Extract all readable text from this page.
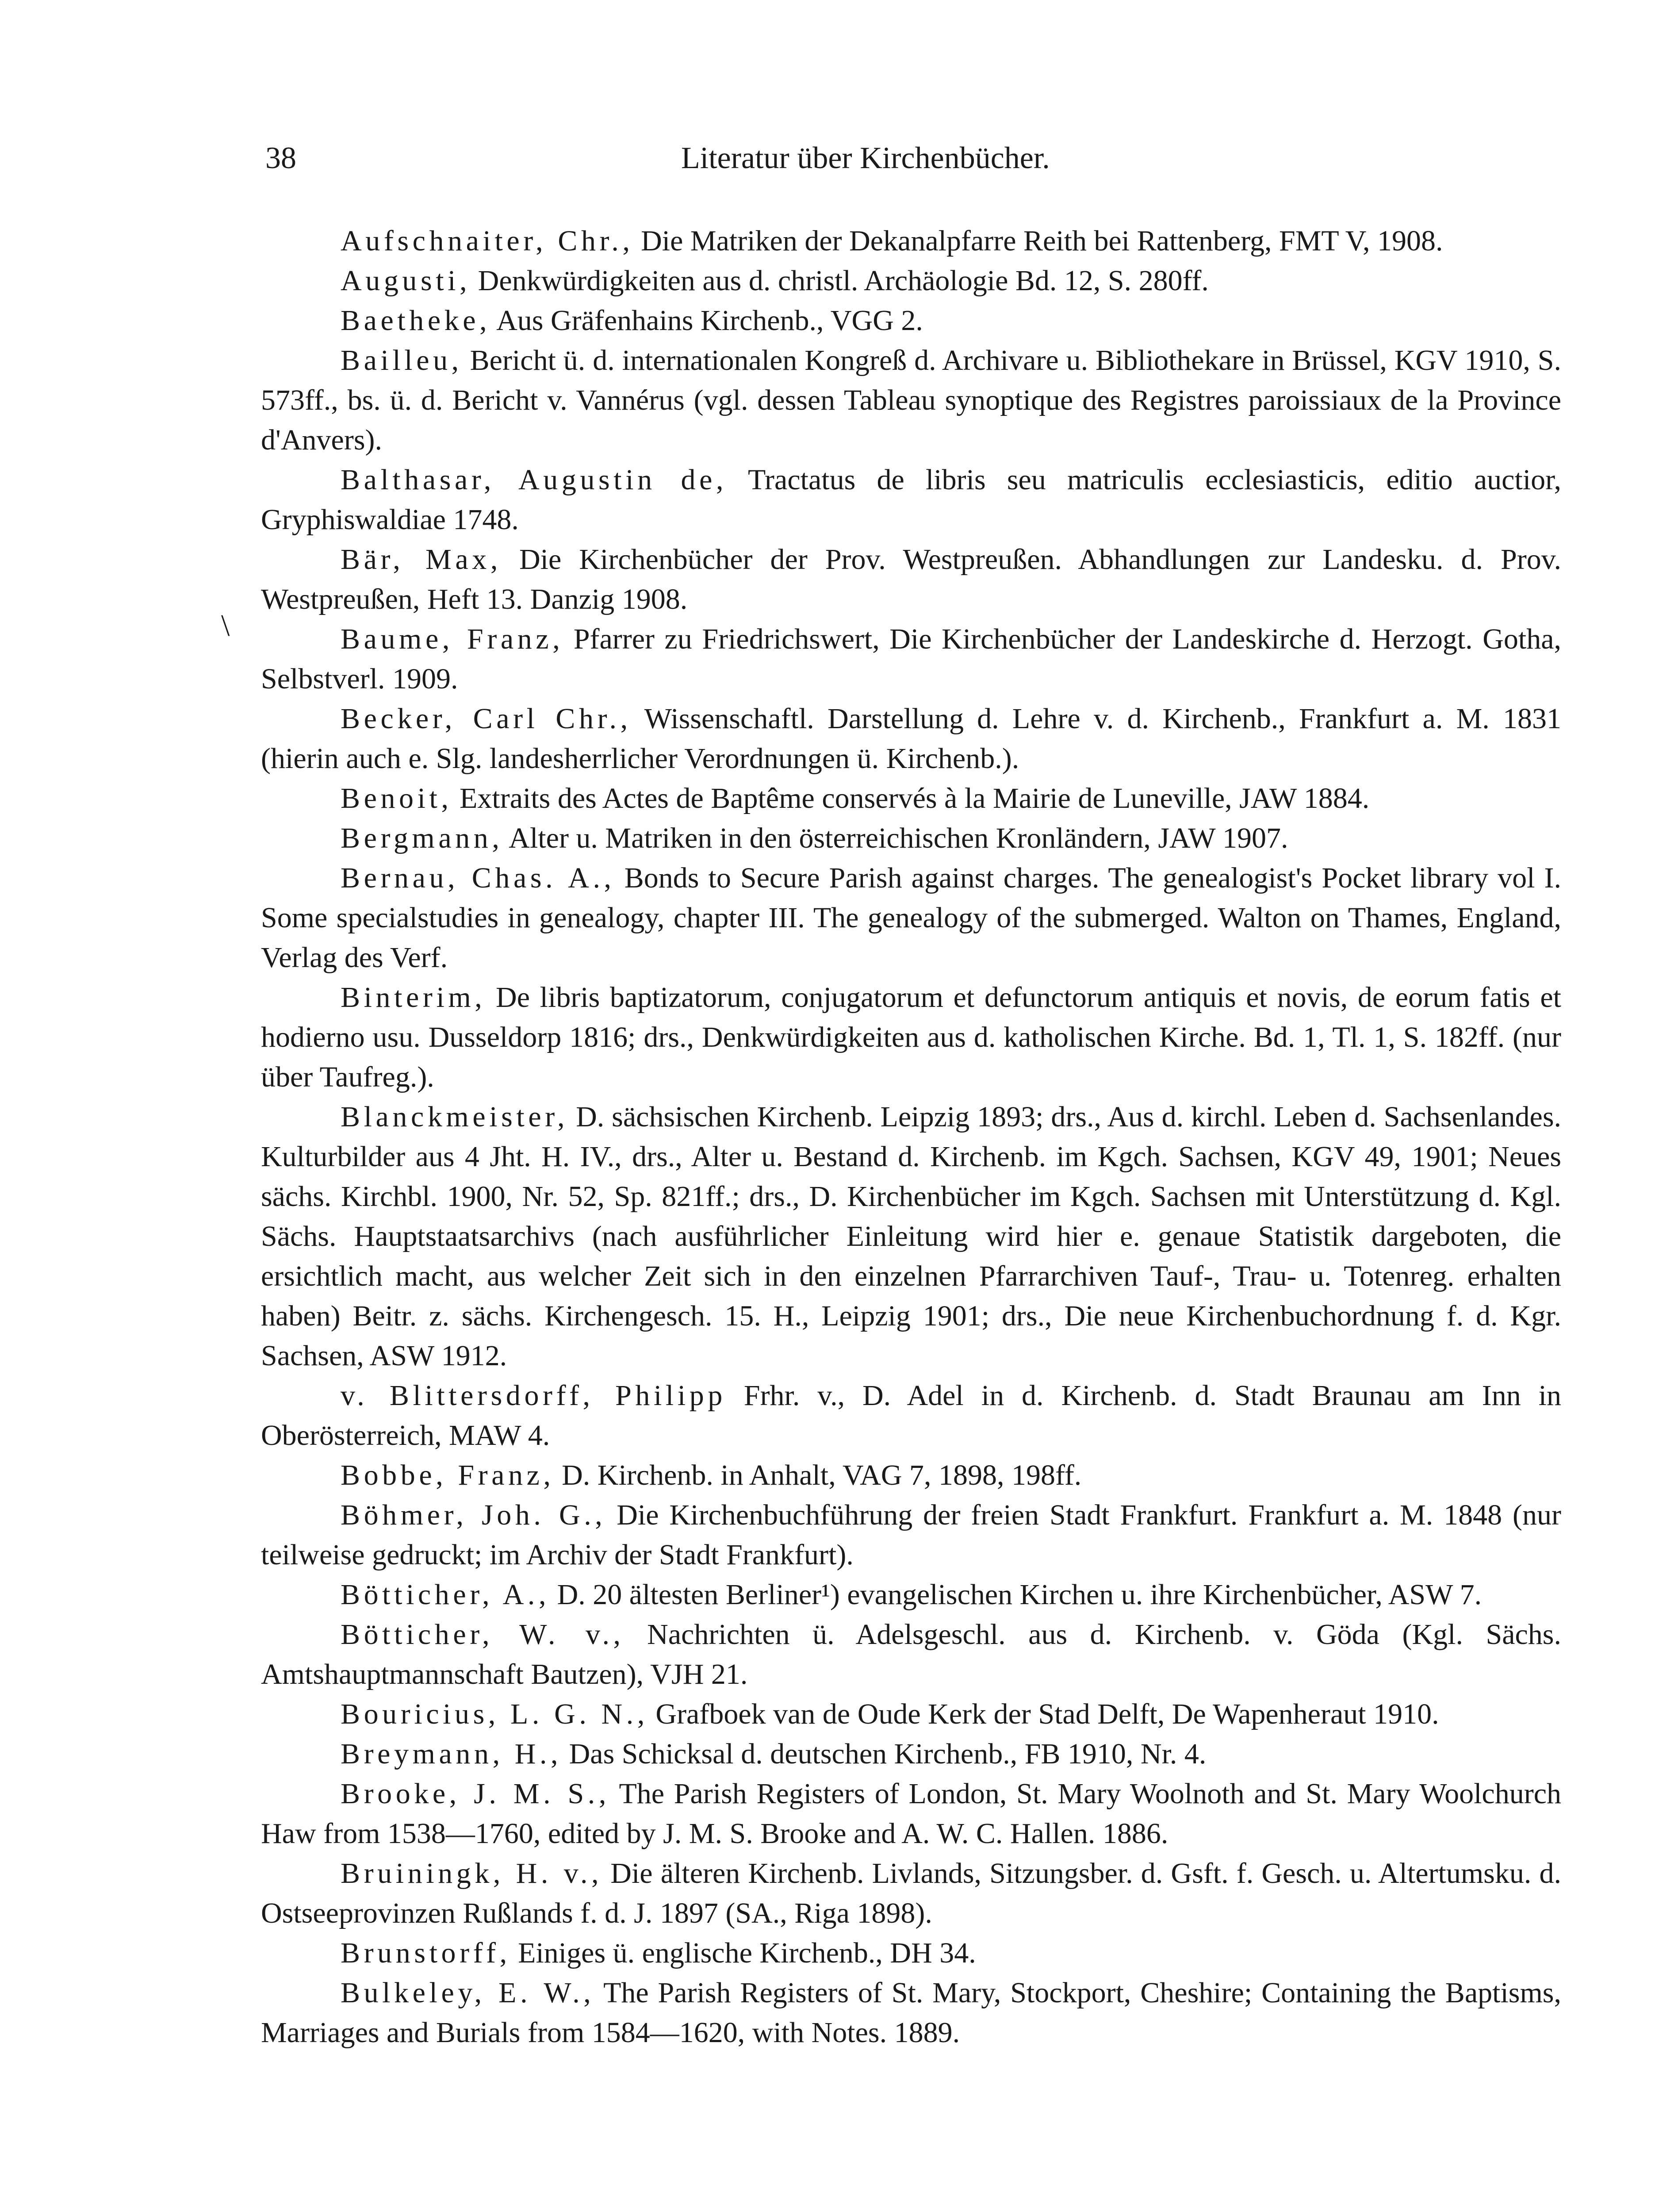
38	Literatur über Kirchenbücher.
\

Aufschnaiter, Chr., Die Matriken der Dekanalpfarre Reith bei Rattenberg, FMT V, 1908.

Augusti, Denkwürdigkeiten aus d. christl. Archäologie Bd. 12, S. 280ff.

Baetheke, Aus Gräfenhains Kirchenb., VGG 2.

Bailleu, Bericht ü. d. internationalen Kongreß d. Archivare u. Bibliothekare in Brüssel, KGV 1910, S. 573ff., bs. ü. d. Bericht v. Vannérus (vgl. dessen Tableau synoptique des Registres paroissiaux de la Province d'Anvers).

Balthasar, Augustin de, Tractatus de libris seu matriculis ecclesiasticis, editio auctior, Gryphiswaldiae 1748.

Bär, Max, Die Kirchenbücher der Prov. Westpreußen. Abhandlungen zur Landesku. d. Prov. Westpreußen, Heft 13. Danzig 1908.

Baume, Franz, Pfarrer zu Friedrichswert, Die Kirchenbücher der Landeskirche d. Herzogt. Gotha, Selbstverl. 1909.

Becker, Carl Chr., Wissenschaftl. Darstellung d. Lehre v. d. Kirchenb., Frankfurt a. M. 1831 (hierin auch e. Slg. landesherrlicher Verordnungen ü. Kirchenb.).

Benoit, Extraits des Actes de Baptême conservés à la Mairie de Luneville, JAW 1884.

Bergmann, Alter u. Matriken in den österreichischen Kronländern, JAW 1907.

Bernau, Chas. A., Bonds to Secure Parish against charges. The genealogist's Pocket library vol I. Some specialstudies in genealogy, chapter III. The genealogy of the submerged. Walton on Thames, England, Verlag des Verf.

Binterim, De libris baptizatorum, conjugatorum et defunctorum antiquis et novis, de eorum fatis et hodierno usu. Dusseldorp 1816; drs., Denkwürdigkeiten aus d. katholischen Kirche. Bd. 1, Tl. 1, S. 182ff. (nur über Taufreg.).

Blanckmeister, D. sächsischen Kirchenb. Leipzig 1893; drs., Aus d. kirchl. Leben d. Sachsenlandes. Kulturbilder aus 4 Jht. H. IV., drs., Alter u. Bestand d. Kirchenb. im Kgch. Sachsen, KGV 49, 1901; Neues sächs. Kirchbl. 1900, Nr. 52, Sp. 821ff.; drs., D. Kirchenbücher im Kgch. Sachsen mit Unterstützung d. Kgl. Sächs. Hauptstaatsarchivs (nach ausführlicher Einleitung wird hier e. genaue Statistik dargeboten, die ersichtlich macht, aus welcher Zeit sich in den einzelnen Pfarrarchiven Tauf-, Trau- u. Totenreg. erhalten haben) Beitr. z. sächs. Kirchengesch. 15. H., Leipzig 1901; drs., Die neue Kirchenbuchordnung f. d. Kgr. Sachsen, ASW 1912.

v. Blittersdorff, Philipp Frhr. v., D. Adel in d. Kirchenb. d. Stadt Braunau am Inn in Oberösterreich, MAW 4.

Bobbe, Franz, D. Kirchenb. in Anhalt, VAG 7, 1898, 198ff.

Böhmer, Joh. G., Die Kirchenbuchführung der freien Stadt Frankfurt. Frankfurt a. M. 1848 (nur teilweise gedruckt; im Archiv der Stadt Frankfurt).

Bötticher, A., D. 20 ältesten Berliner¹) evangelischen Kirchen u. ihre Kirchenbücher, ASW 7.

Bötticher, W. v., Nachrichten ü. Adelsgeschl. aus d. Kirchenb. v. Göda (Kgl. Sächs. Amtshauptmannschaft Bautzen), VJH 21.

Bouricius, L. G. N., Grafboek van de Oude Kerk der Stad Delft, De Wapenheraut 1910.

Breymann, H., Das Schicksal d. deutschen Kirchenb., FB 1910, Nr. 4.

Brooke, J. M. S., The Parish Registers of London, St. Mary Woolnoth and St. Mary Woolchurch Haw from 1538—1760, edited by J. M. S. Brooke and A. W. C. Hallen. 1886.

Bruiningk, H. v., Die älteren Kirchenb. Livlands, Sitzungsber. d. Gsft. f. Gesch. u. Altertumsku. d. Ostseeprovinzen Rußlands f. d. J. 1897 (SA., Riga 1898).

Brunstorff, Einiges ü. englische Kirchenb., DH 34.

Bulkeley, E. W., The Parish Registers of St. Mary, Stockport, Cheshire; Containing the Baptisms, Marriages and Burials from 1584—1620, with Notes. 1889.
